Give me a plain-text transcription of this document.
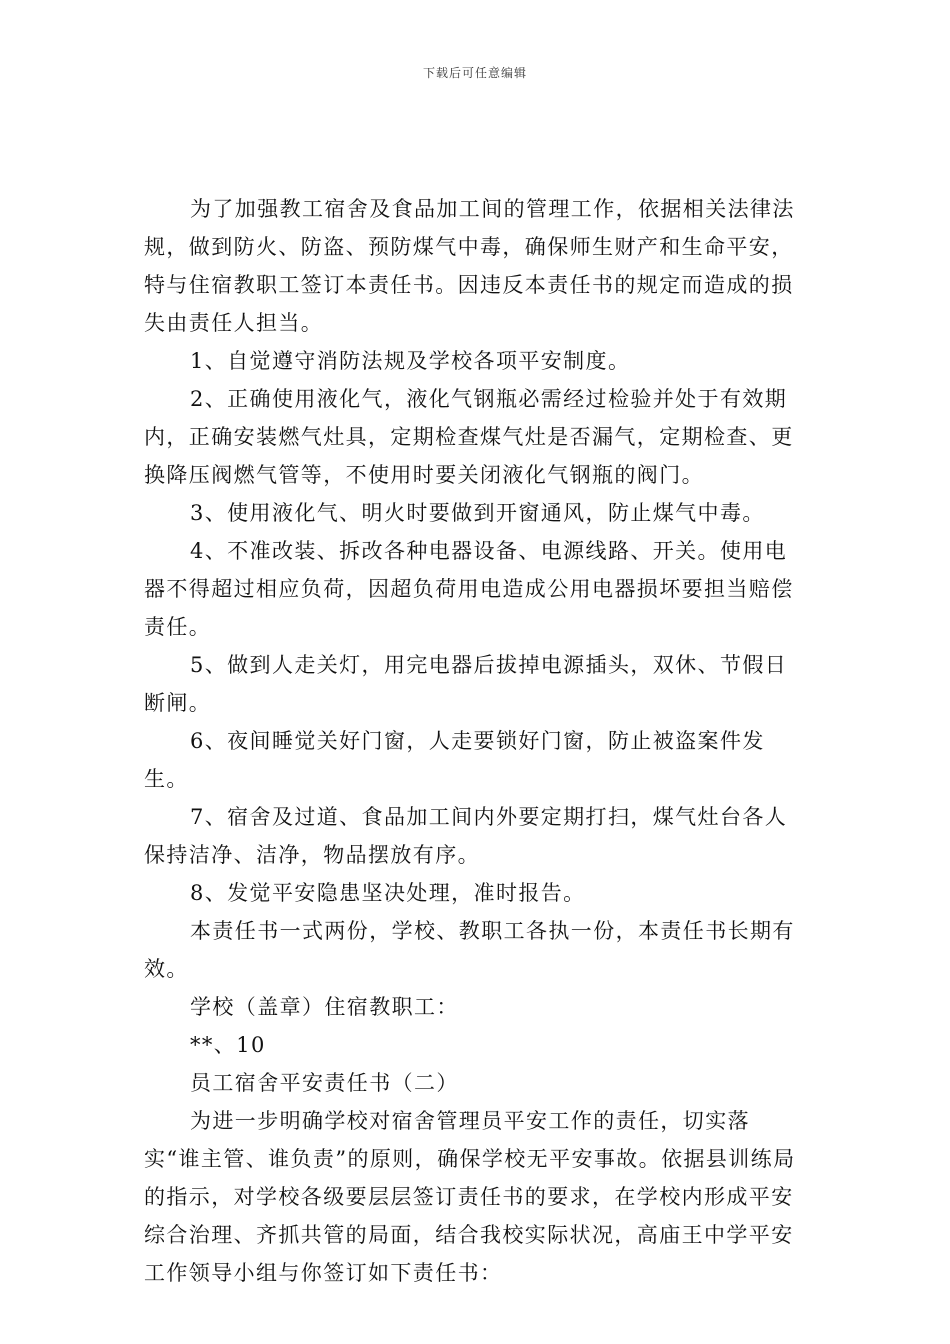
下载后可任意编辑

为了加强教工宿舍及食品加工间的管理工作，依据相关法律法规，做到防火、防盗、预防煤气中毒，确保师生财产和生命平安，特与住宿教职工签订本责任书。因违反本责任书的规定而造成的损失由责任人担当。

1、自觉遵守消防法规及学校各项平安制度。

2、正确使用液化气，液化气钢瓶必需经过检验并处于有效期内，正确安装燃气灶具，定期检查煤气灶是否漏气，定期检查、更换降压阀燃气管等，不使用时要关闭液化气钢瓶的阀门。

3、使用液化气、明火时要做到开窗通风，防止煤气中毒。

4、不准改装、拆改各种电器设备、电源线路、开关。使用电器不得超过相应负荷，因超负荷用电造成公用电器损坏要担当赔偿责任。

5、做到人走关灯，用完电器后拔掉电源插头，双休、节假日断闸。

6、夜间睡觉关好门窗，人走要锁好门窗，防止被盗案件发生。

7、宿舍及过道、食品加工间内外要定期打扫，煤气灶台各人保持洁净、洁净，物品摆放有序。

8、发觉平安隐患坚决处理，准时报告。

本责任书一式两份，学校、教职工各执一份，本责任书长期有效。

学校（盖章）住宿教职工：

**、10

员工宿舍平安责任书（二）

为进一步明确学校对宿舍管理员平安工作的责任，切实落实“谁主管、谁负责”的原则，确保学校无平安事故。依据县训练局的指示，对学校各级要层层签订责任书的要求，在学校内形成平安综合治理、齐抓共管的局面，结合我校实际状况，高庙王中学平安工作领导小组与你签订如下责任书：
